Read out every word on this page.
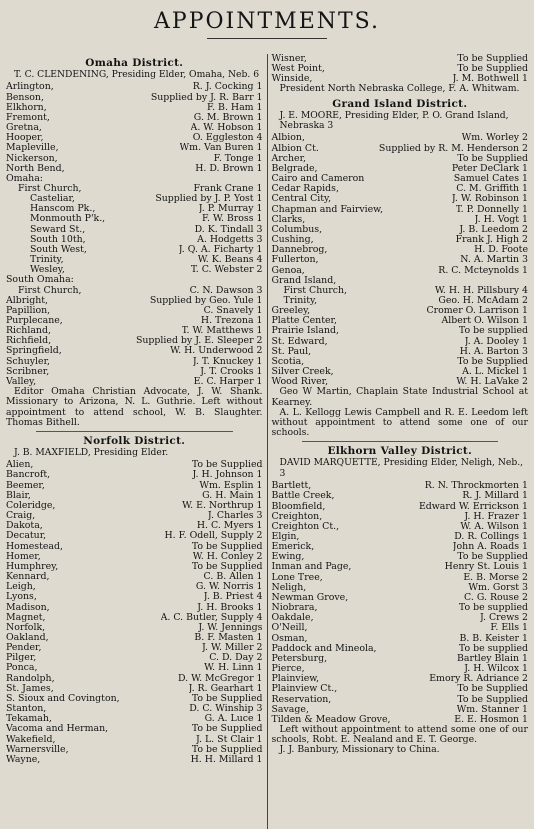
APPOINTMENTS.
Omaha District.
T. C. CLENDENING, Presiding Elder, Omaha, Neb. 6
Arlington,	R. J. Cocking 1
Benson,	Supplied by J. R. Barr 1
Elkhorn,	F. B. Ham 1
Fremont,	G. M. Brown 1
Gretna,	A. W. Hobson 1
Hooper,	O. Eggleston 4
Mapleville,	Wm. Van Buren 1
Nickerson,	F. Tonge 1
North Bend,	H. D. Brown 1
Omaha:
First Church,	Frank Crane 1
Casteliar,	Supplied by J. P. Yost 1
Hanscom Pk.,	J. P. Murray 1
Monmouth P'k.,	F. W. Bross 1
Seward St.,	D. K. Tindall 3
South 10th,	A. Hodgetts 3
South West,	J. Q. A. Ficharty 1
Trinity,	W. K. Beans 4
Wesley,	T. C. Webster 2
South Omaha:
First Church,	C. N. Dawson 3
Albright,	Supplied by Geo. Yule 1
Papillion,	C. Snavely 1
Purplecane,	H. Trezona 1
Richland,	T. W. Matthews 1
Richfield,	Supplied by J. E. Sleeper 2
Springfield,	W. H. Underwood 2
Schuyler,	J. T. Knuckey 1
Scribner,	J. T. Crooks 1
Valley,	E. C. Harper 1
Editor Omaha Christian Advocate, J. W. Shank. Missionary to Arizona, N. L. Guthrie. Left without appointment to attend school, W. B. Slaughter. Thomas Bithell.
Norfolk District.
J. B. MAXFIELD, Presiding Elder.
Alien,	To be Supplied
Bancroft,	J. H. Johnson 1
Beemer,	Wm. Esplin 1
Blair,	G. H. Main 1
Coleridge,	W. E. Northrup 1
Craig,	J. Charles 3
Dakota,	H. C. Myers 1
Decatur,	H. F. Odell, Supply 2
Homestead,	To be Supplied
Homer,	W. H. Conley 2
Humphrey,	To be Supplied
Kennard,	C. B. Allen 1
Leigh,	G. W. Norris 1
Lyons,	J. B. Priest 4
Madison,	J. H. Brooks 1
Magnet,	A. C. Butler, Supply 4
Norfolk,	J. W. Jennings
Oakland,	B. F. Masten 1
Pender,	J. W. Miller 2
Pilger,	C. D. Day 2
Ponca,	W. H. Linn 1
Randolph,	D. W. McGregor 1
St. James,	J. R. Gearhart 1
S. Sioux and Covington,	To be Supplied
Stanton,	D. C. Winship 3
Tekamah,	G. A. Luce 1
Vacoma and Herman,	To be Supplied
Wakefield,	J. L. St Clair 1
Warnersville,	To be Supplied
Wayne,	H. H. Millard 1
Wisner,	To be Supplied
West Point,	To be Supplied
Winside,	J. M. Bothwell 1
President North Nebraska College, F. A. Whitwam.
Grand Island District.
J. E. MOORE, Presiding Elder, P. O. Grand Island, Nebraska 3
Albion,	Wm. Worley 2
Albion Ct.	Supplied by R. M. Henderson 2
Archer,	To be Supplied
Belgrade,	Peter DeClark 1
Cairo and Cameron	Samuel Cates 1
Cedar Rapids,	C. M. Griffith 1
Central City,	J. W. Robinson 1
Chapman and Fairview,	T. P. Donnelly 1
Clarks,	J. H. Vogt 1
Columbus,	J. B. Leedom 2
Cushing,	Frank J. High 2
Dannebrog,	H. D. Foote
Fullerton,	N. A. Martin 3
Genoa,	R. C. Mcteynolds 1
Grand Island,
First Church,	W. H. H. Pillsbury 4
Trinity,	Geo. H. McAdam 2
Greeley,	Cromer O. Larrison 1
Platte Center,	Albert O. Wilson 1
Prairie Island,	To be supplied
St. Edward,	J. A. Dooley 1
St. Paul,	H. A. Barton 3
Scotia,	To be Supplied
Silver Creek,	A. L. Mickel 1
Wood River,	W. H. LaVake 2
Geo W Martin, Chaplain State Industrial School at Kearney.
A. L. Kellogg Lewis Campbell and R. E. Leedom left without appointment to attend some one of our schools.
Elkhorn Valley District.
DAVID MARQUETTE, Presiding Elder, Neligh, Neb., 3
Bartlett,	R. N. Throckmorten 1
Battle Creek,	R. J. Millard 1
Bloomfield,	Edward W. Errickson 1
Creighton,	J. H. Frazer 1
Creighton Ct.,	W. A. Wilson 1
Elgin,	D. R. Collings 1
Emerick,	John A. Roads 1
Ewing,	To be Supplied
Inman and Page,	Henry St. Louis 1
Lone Tree,	E. B. Morse 2
Neligh,	Wm. Gorst 3
Newman Grove,	C. G. Rouse 2
Niobrara,	To be supplied
Oakdale,	J. Crews 2
O'Neill,	F. Ells 1
Osman,	B. B. Keister 1
Paddock and Mineola,	To be supplied
Petersburg,	Bartley Blain 1
Pierce,	J. H. Wilcox 1
Plainview,	Emory R. Adriance 2
Plainview Ct.,	To be Supplied
Reservation,	To be Supplied
Savage,	Wm. Stanner 1
Tilden & Meadow Grove,	E. E. Hosmon 1
Left without appointment to attend some one of our schools, Robt. E. Nealand and E. T. George.
J. J. Banbury, Missionary to China.
